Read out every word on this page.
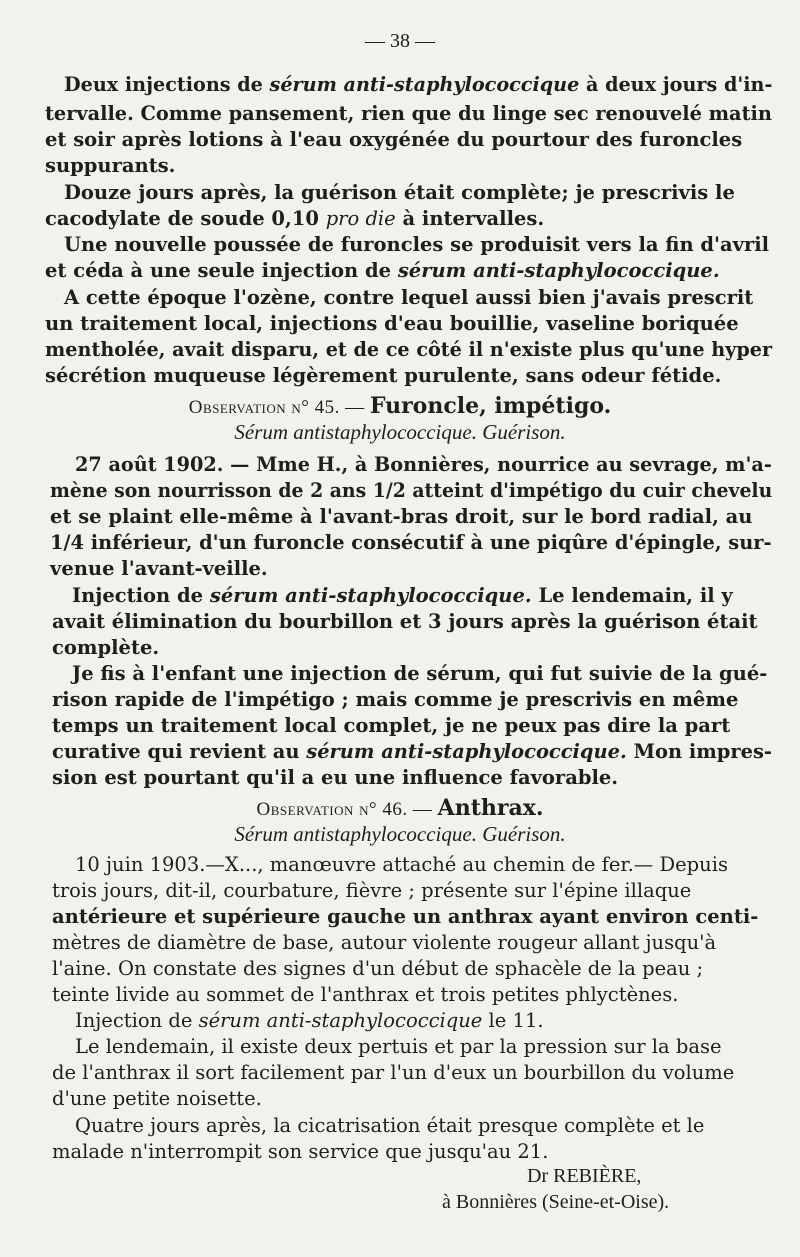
— 38 —
Deux injections de sérum anti-staphylococcique à deux jours d'in-
tervalle. Comme pansement, rien que du linge sec renouvelé matin
et soir après lotions à l'eau oxygénée du pourtour des furoncles
suppurants.
Douze jours après, la guérison était complète; je prescrivis le
cacodylate de soude 0,10 pro die à intervalles.
Une nouvelle poussée de furoncles se produisit vers la fin d'avril
et céda à une seule injection de sérum anti-staphylococcique.
A cette époque l'ozène, contre lequel aussi bien j'avais prescrit
un traitement local, injections d'eau bouillie, vaseline boriquée
mentholée, avait disparu, et de ce côté il n'existe plus qu'une hyper
sécrétion muqueuse légèrement purulente, sans odeur fétide.
Observation n° 45. — Furoncle, impétigo.
Sérum antistaphylococcique. Guérison.
27 août 1902. — Mme H., à Bonnières, nourrice au sevrage, m'a-
mène son nourrisson de 2 ans 1/2 atteint d'impétigo du cuir chevelu
et se plaint elle-même à l'avant-bras droit, sur le bord radial, au
1/4 inférieur, d'un furoncle consécutif à une piqûre d'épingle, sur-
venue l'avant-veille.
Injection de sérum anti-staphylococcique. Le lendemain, il y
avait élimination du bourbillon et 3 jours après la guérison était
complète.
Je fis à l'enfant une injection de sérum, qui fut suivie de la gué-
rison rapide de l'impétigo ; mais comme je prescrivis en même
temps un traitement local complet, je ne peux pas dire la part
curative qui revient au sérum anti-staphylococcique. Mon impres-
sion est pourtant qu'il a eu une influence favorable.
Observation n° 46. — Anthrax.
Sérum antistaphylococcique. Guérison.
10 juin 1903.—X..., manœuvre attaché au chemin de fer.— Depuis
trois jours, dit-il, courbature, fièvre ; présente sur l'épine illaque
antérieure et supérieure gauche un anthrax ayant environ centi-
mètres de diamètre de base, autour violente rougeur allant jusqu'à
l'aine. On constate des signes d'un début de sphacèle de la peau ;
teinte livide au sommet de l'anthrax et trois petites phlyctènes.
Injection de sérum anti-staphylococcique le 11.
Le lendemain, il existe deux pertuis et par la pression sur la base
de l'anthrax il sort facilement par l'un d'eux un bourbillon du volume
d'une petite noisette.
Quatre jours après, la cicatrisation était presque complète et le
malade n'interrompit son service que jusqu'au 21.
Dr REBIÈRE,
à Bonnières (Seine-et-Oise).
